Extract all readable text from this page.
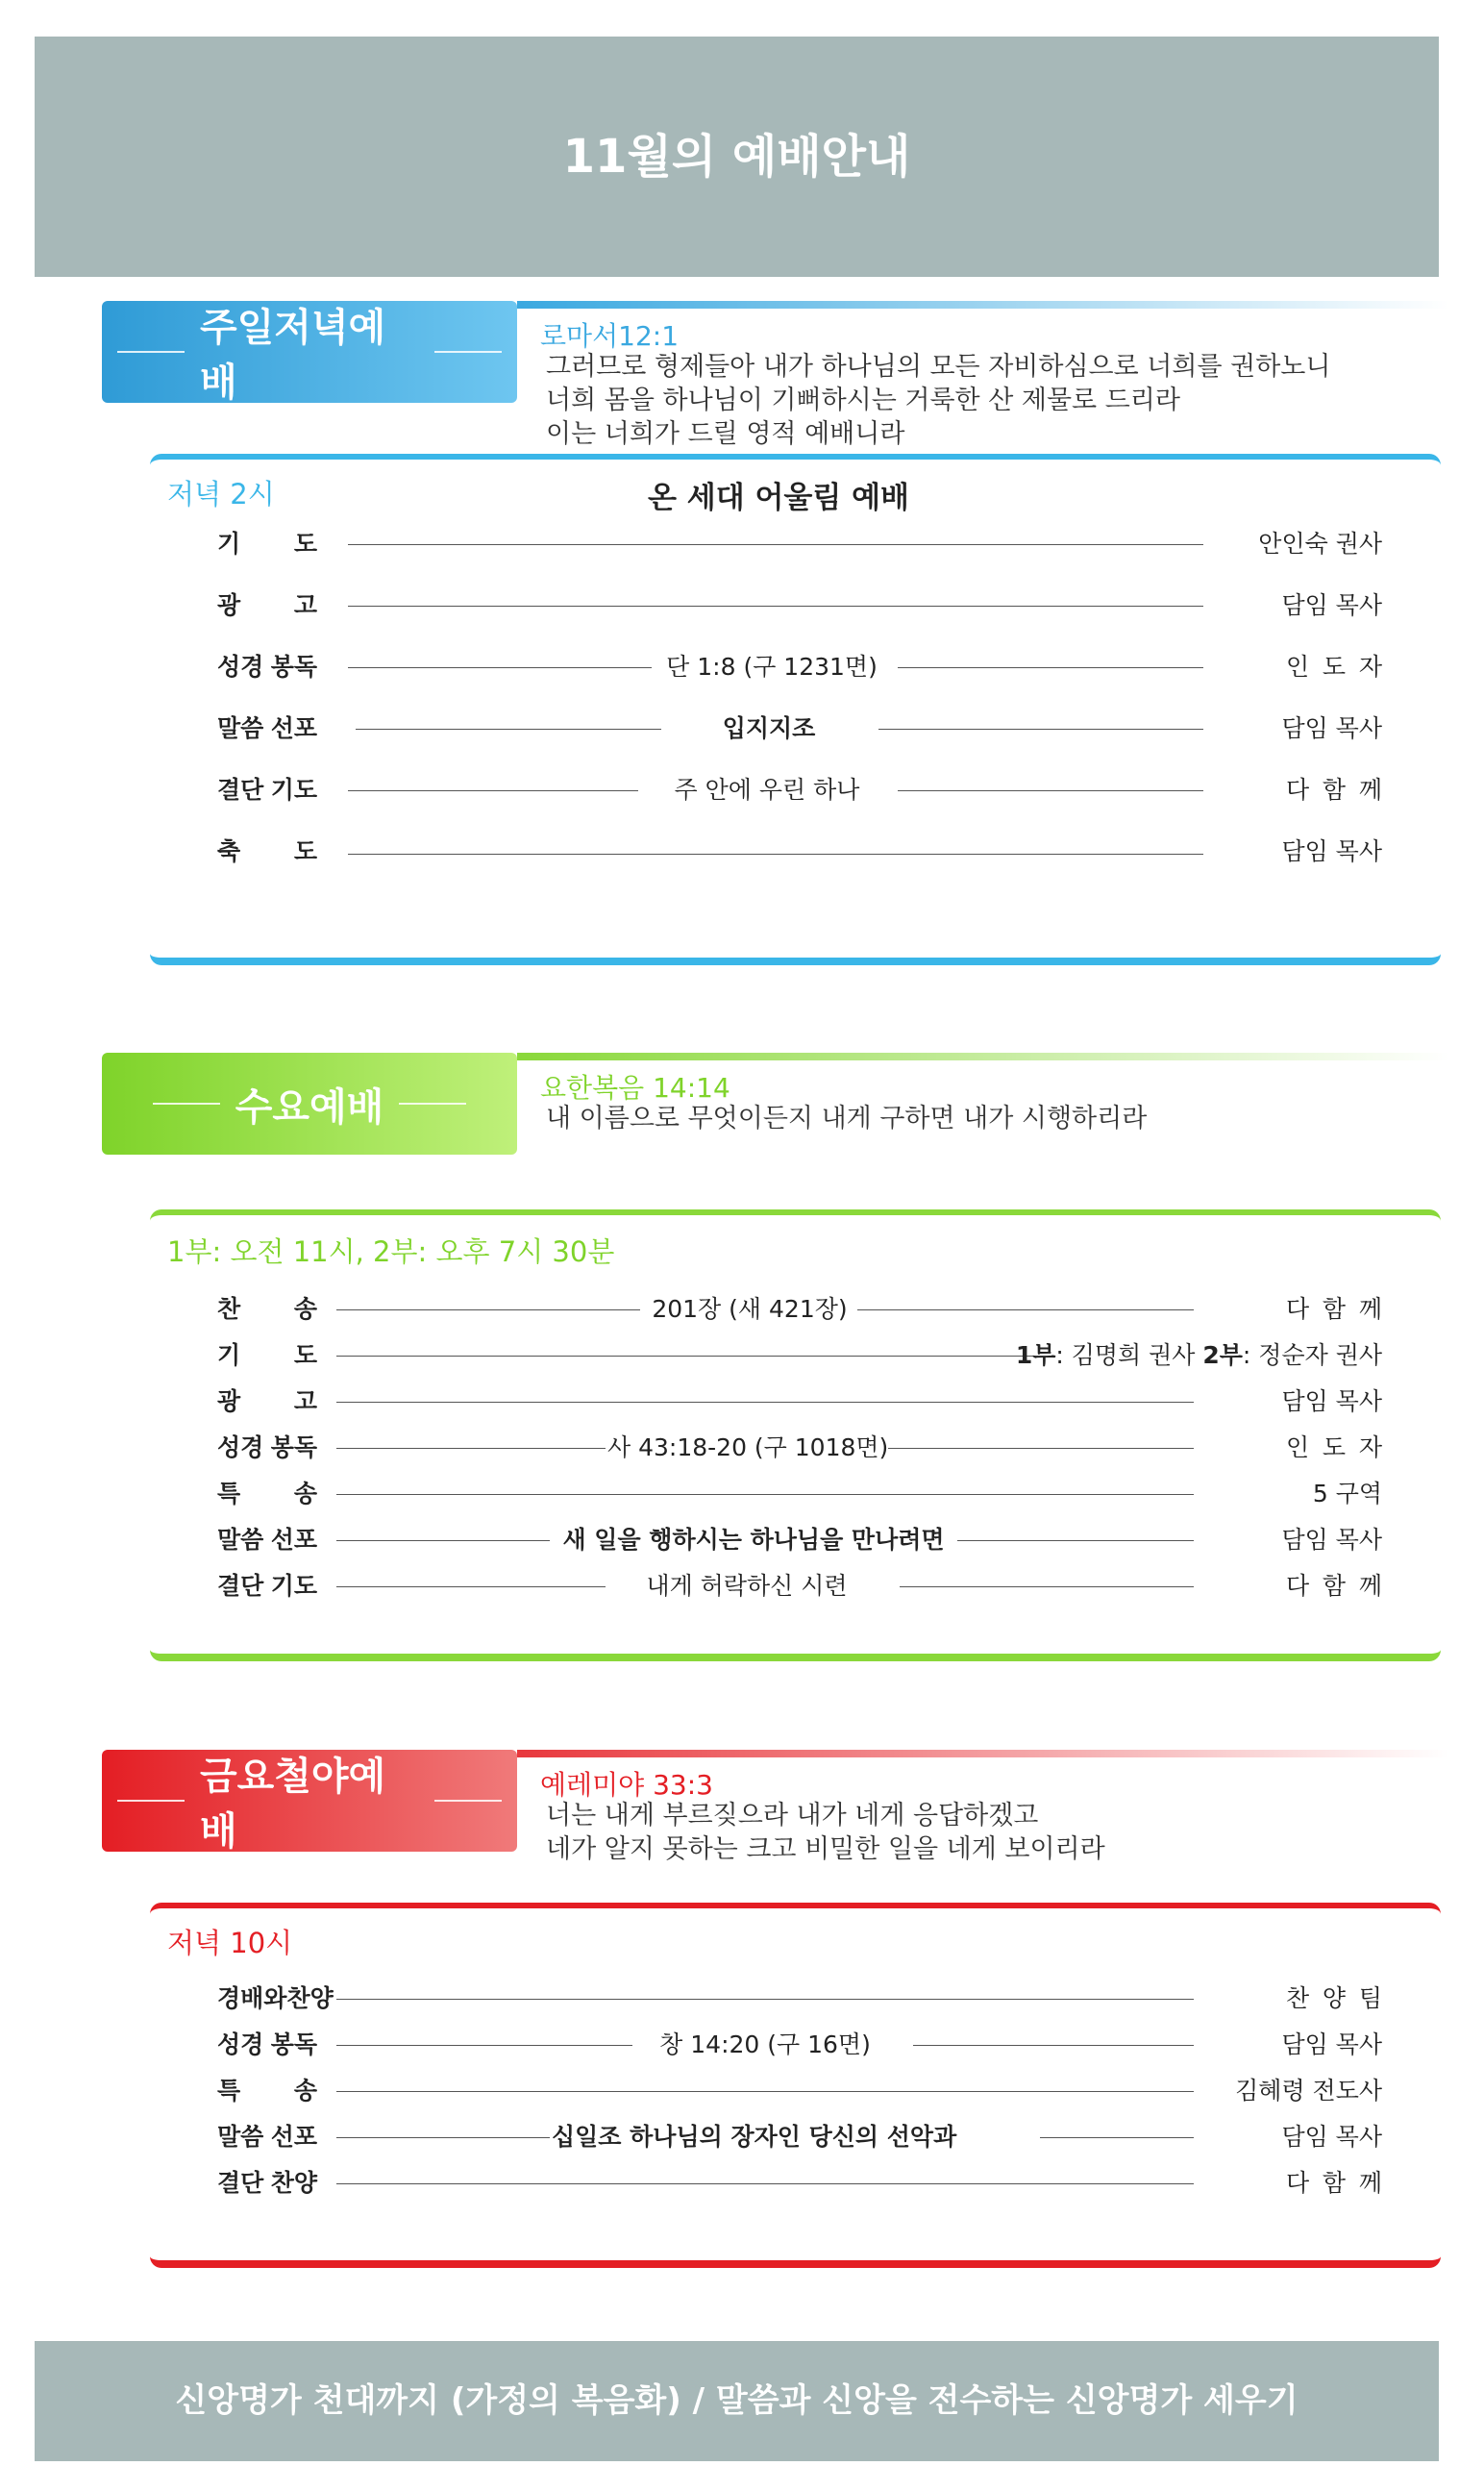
11월의 예배안내
주일저녁예배
로마서12:1
그러므로 형제들아 내가 하나님의 모든 자비하심으로 너희를 권하노니
너희 몸을 하나님이 기뻐하시는 거룩한 산 제물로 드리라
이는 너희가 드릴 영적 예배니라
저녁 2시	온 세대 어울림 예배
기 도	안인숙 권사
광 고	담임 목사
성경 봉독	단 1:8 (구 1231면)	인 도 자
말씀 선포	입지지조	담임 목사
결단 기도	주 안에 우린 하나	다 함 께
축 도	담임 목사
수요예배	요한복음 14:14
내 이름으로 무엇이든지 내게 구하면 내가 시행하리라
1부: 오전 11시, 2부: 오후 7시 30분
찬 송	201장 (새 421장)	다 함 께
기 도	1부: 김명희 권사 2부: 정순자 권사
광 고	담임 목사
성경 봉독	사 43:18-20 (구 1018면)	인 도 자
특 송	5 구역
말씀 선포	새 일을 행하시는 하나님을 만나려면	담임 목사
결단 기도	내게 허락하신 시련	다 함 께
금요철야예배
예레미야 33:3
너는 내게 부르짖으라 내가 네게 응답하겠고
네가 알지 못하는 크고 비밀한 일을 네게 보이리라
저녁 10시
경배와찬양	찬 양 팀
성경 봉독	창 14:20 (구 16면)	담임 목사
특 송	김혜령 전도사
말씀 선포	십일조 하나님의 장자인 당신의 선악과	담임 목사
결단 찬양	다 함 께
신앙명가 천대까지 (가정의 복음화) / 말씀과 신앙을 전수하는 신앙명가 세우기
